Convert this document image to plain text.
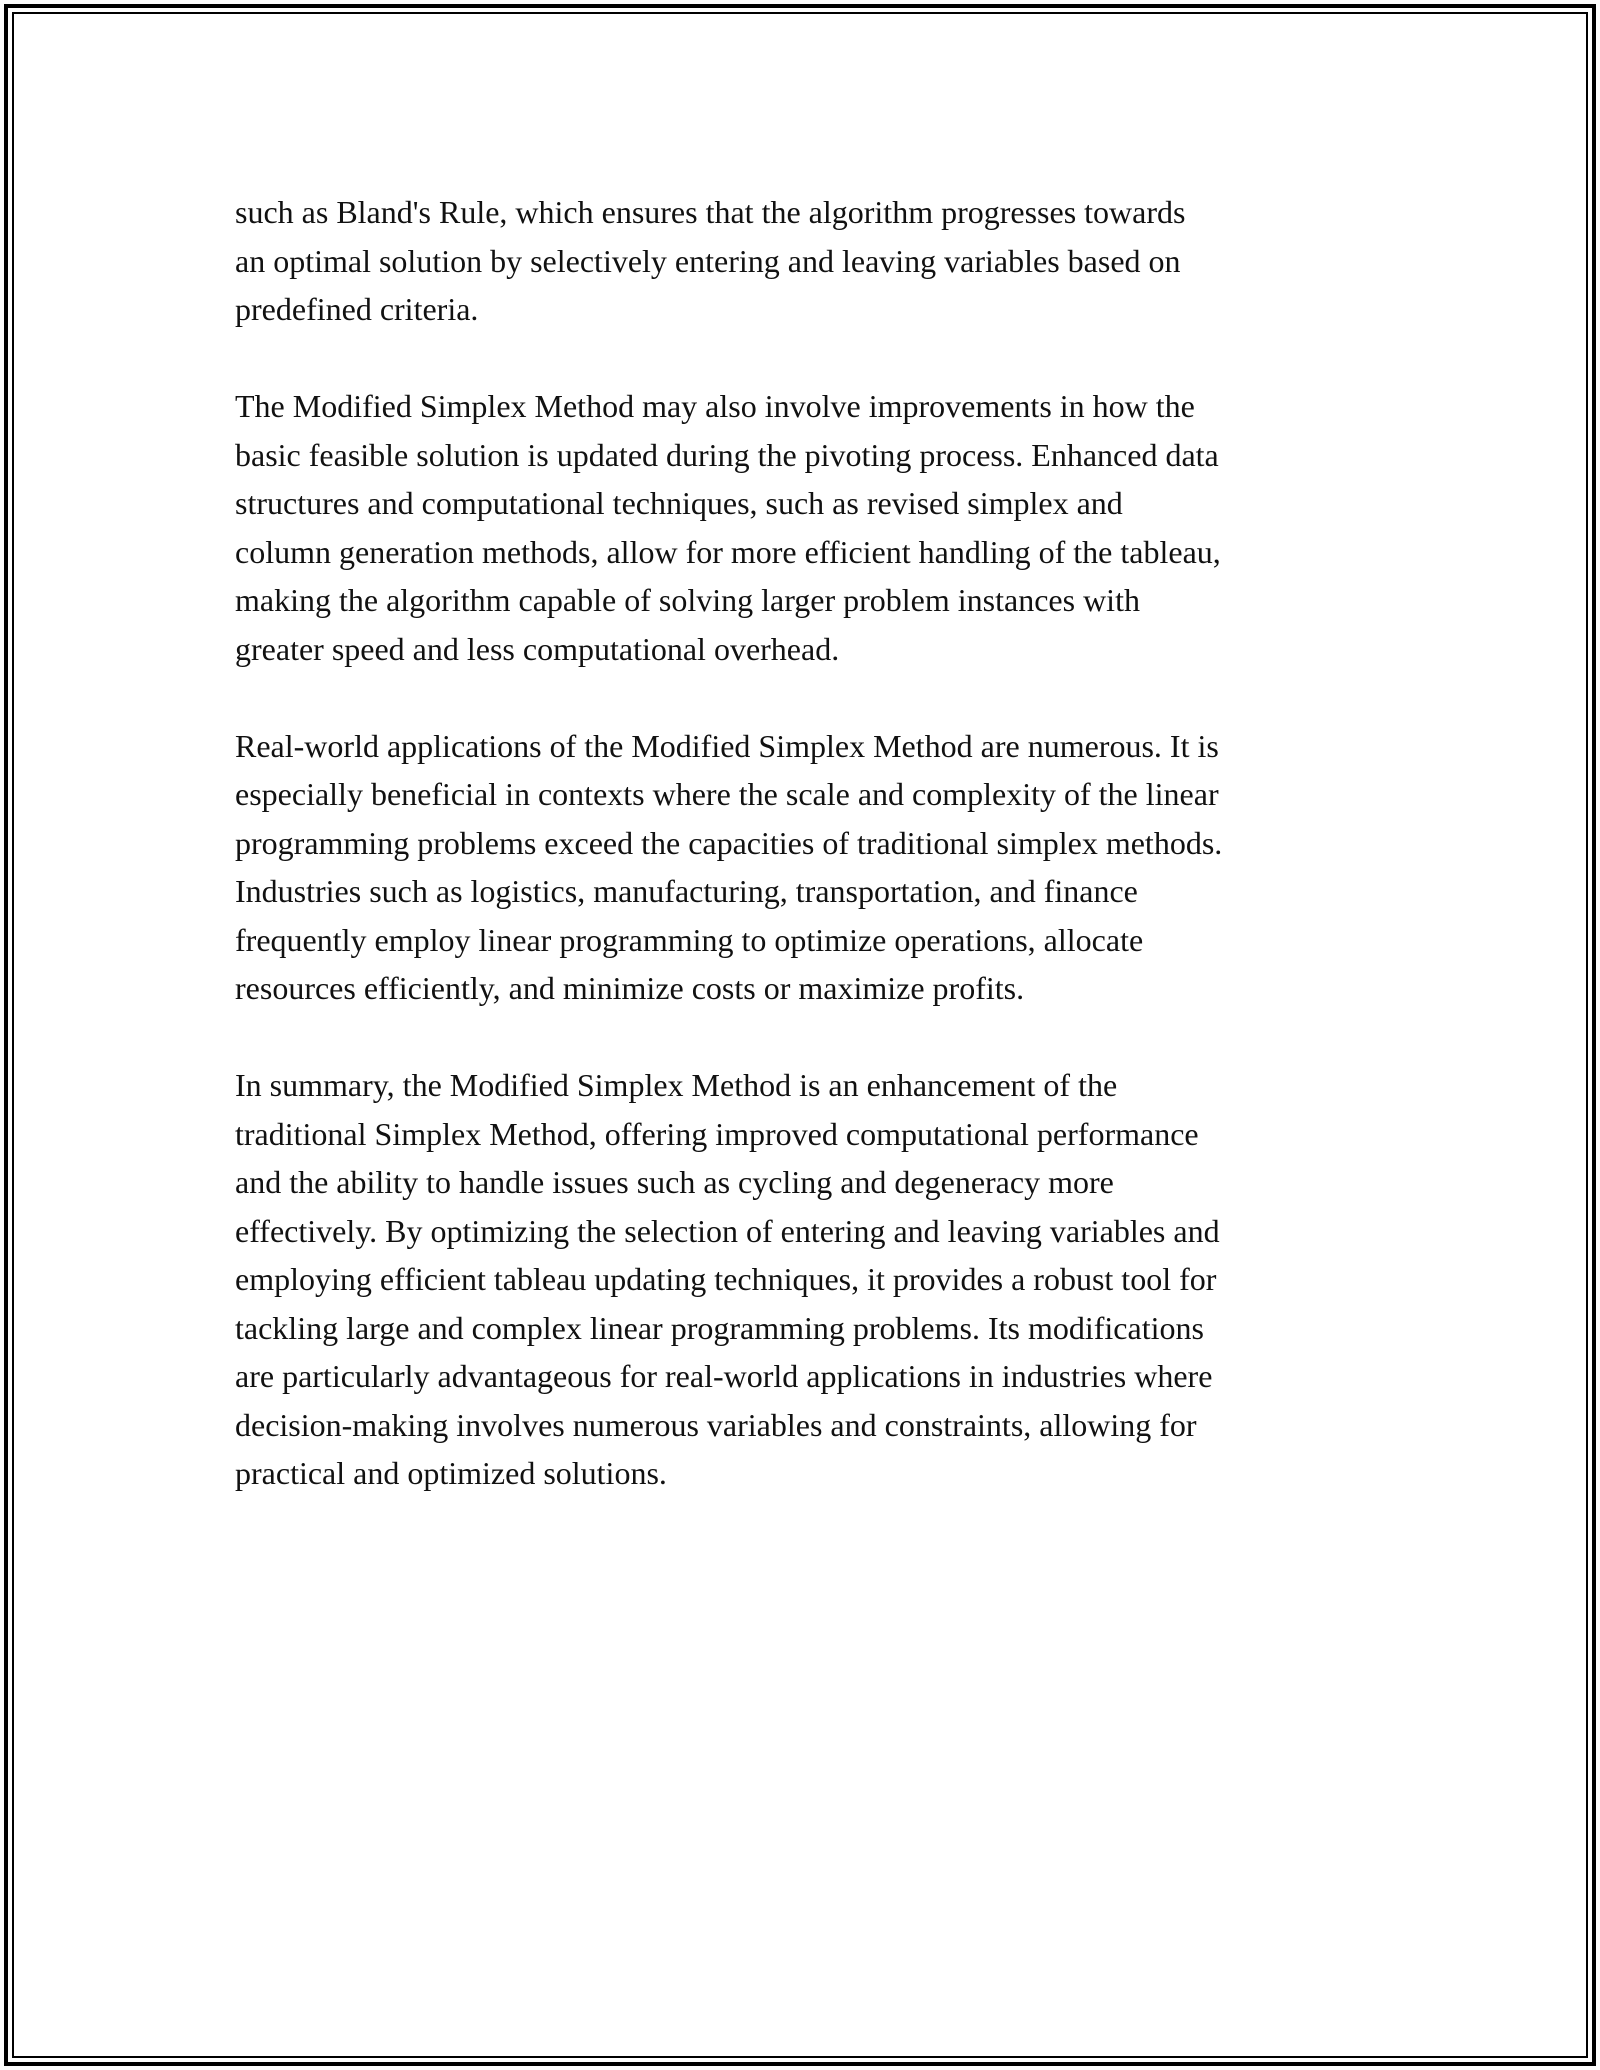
such as Bland's Rule, which ensures that the algorithm progresses towards
an optimal solution by selectively entering and leaving variables based on
predefined criteria.

The Modified Simplex Method may also involve improvements in how the
basic feasible solution is updated during the pivoting process. Enhanced data
structures and computational techniques, such as revised simplex and
column generation methods, allow for more efficient handling of the tableau,
making the algorithm capable of solving larger problem instances with
greater speed and less computational overhead.

Real-world applications of the Modified Simplex Method are numerous. It is
especially beneficial in contexts where the scale and complexity of the linear
programming problems exceed the capacities of traditional simplex methods.
Industries such as logistics, manufacturing, transportation, and finance
frequently employ linear programming to optimize operations, allocate
resources efficiently, and minimize costs or maximize profits.

In summary, the Modified Simplex Method is an enhancement of the
traditional Simplex Method, offering improved computational performance
and the ability to handle issues such as cycling and degeneracy more
effectively. By optimizing the selection of entering and leaving variables and
employing efficient tableau updating techniques, it provides a robust tool for
tackling large and complex linear programming problems. Its modifications
are particularly advantageous for real-world applications in industries where
decision-making involves numerous variables and constraints, allowing for
practical and optimized solutions.
